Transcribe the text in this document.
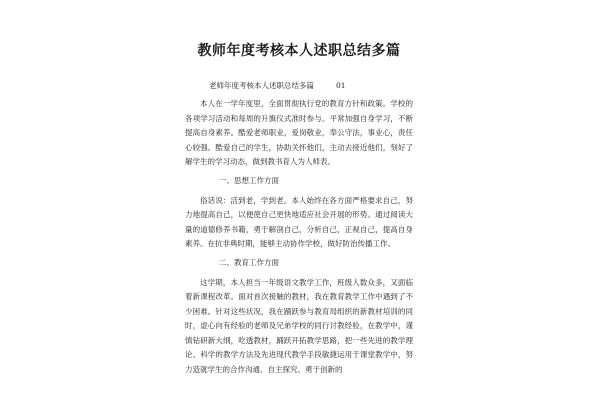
教师年度考核本人述职总结多篇
老师年度考核本人述职总结多篇	01

本人在一学年度里，全面贯彻执行党的教育方针和政策。学校的各项学习活动和每周的升旗仪式准时参与。平常加强自身学习，不断提高自身素养。酷爱老师职业，爱岗敬业，奉公守法，事业心，责任心较强。酷爱自己的学生，协助关怀他们，主动去接近他们，刻好了解学生的学习动态，做到教书育人为人师表。

一、思想工作方面

俗话说：活到老，学到老。本人始终在各方面严格要求自己，努力地提高自己，以便使自己更快地适应社会开展的形势。通过阅读大量的道德修养书籍，勇于解剖自己，分析自己，正视自己，提高自身素养。在抗非典时期，能够主动协作学校，做好防治传播工作。

二、教育工作方面

这学期，本人担当一年级语文教学工作，班级人数众多，又面临着新课程改革。面对首次接触的教材，我在教育教学工作中遇到了不少困难。针对这些状况，我在踊跃参与教育局组织的新教材培训的同时，虚心向有经验的老师及兄弟学校的同行讨教经验，在教学中，谨慎钻研新大纲，吃透教材，踊跃开拓教学思路，把一些先进的教学理论、科学的教学方法及先进现代教学手段敏捷运用于课堂教学中，努力造就学生的合作沟通、自主探究、勇于创新的
